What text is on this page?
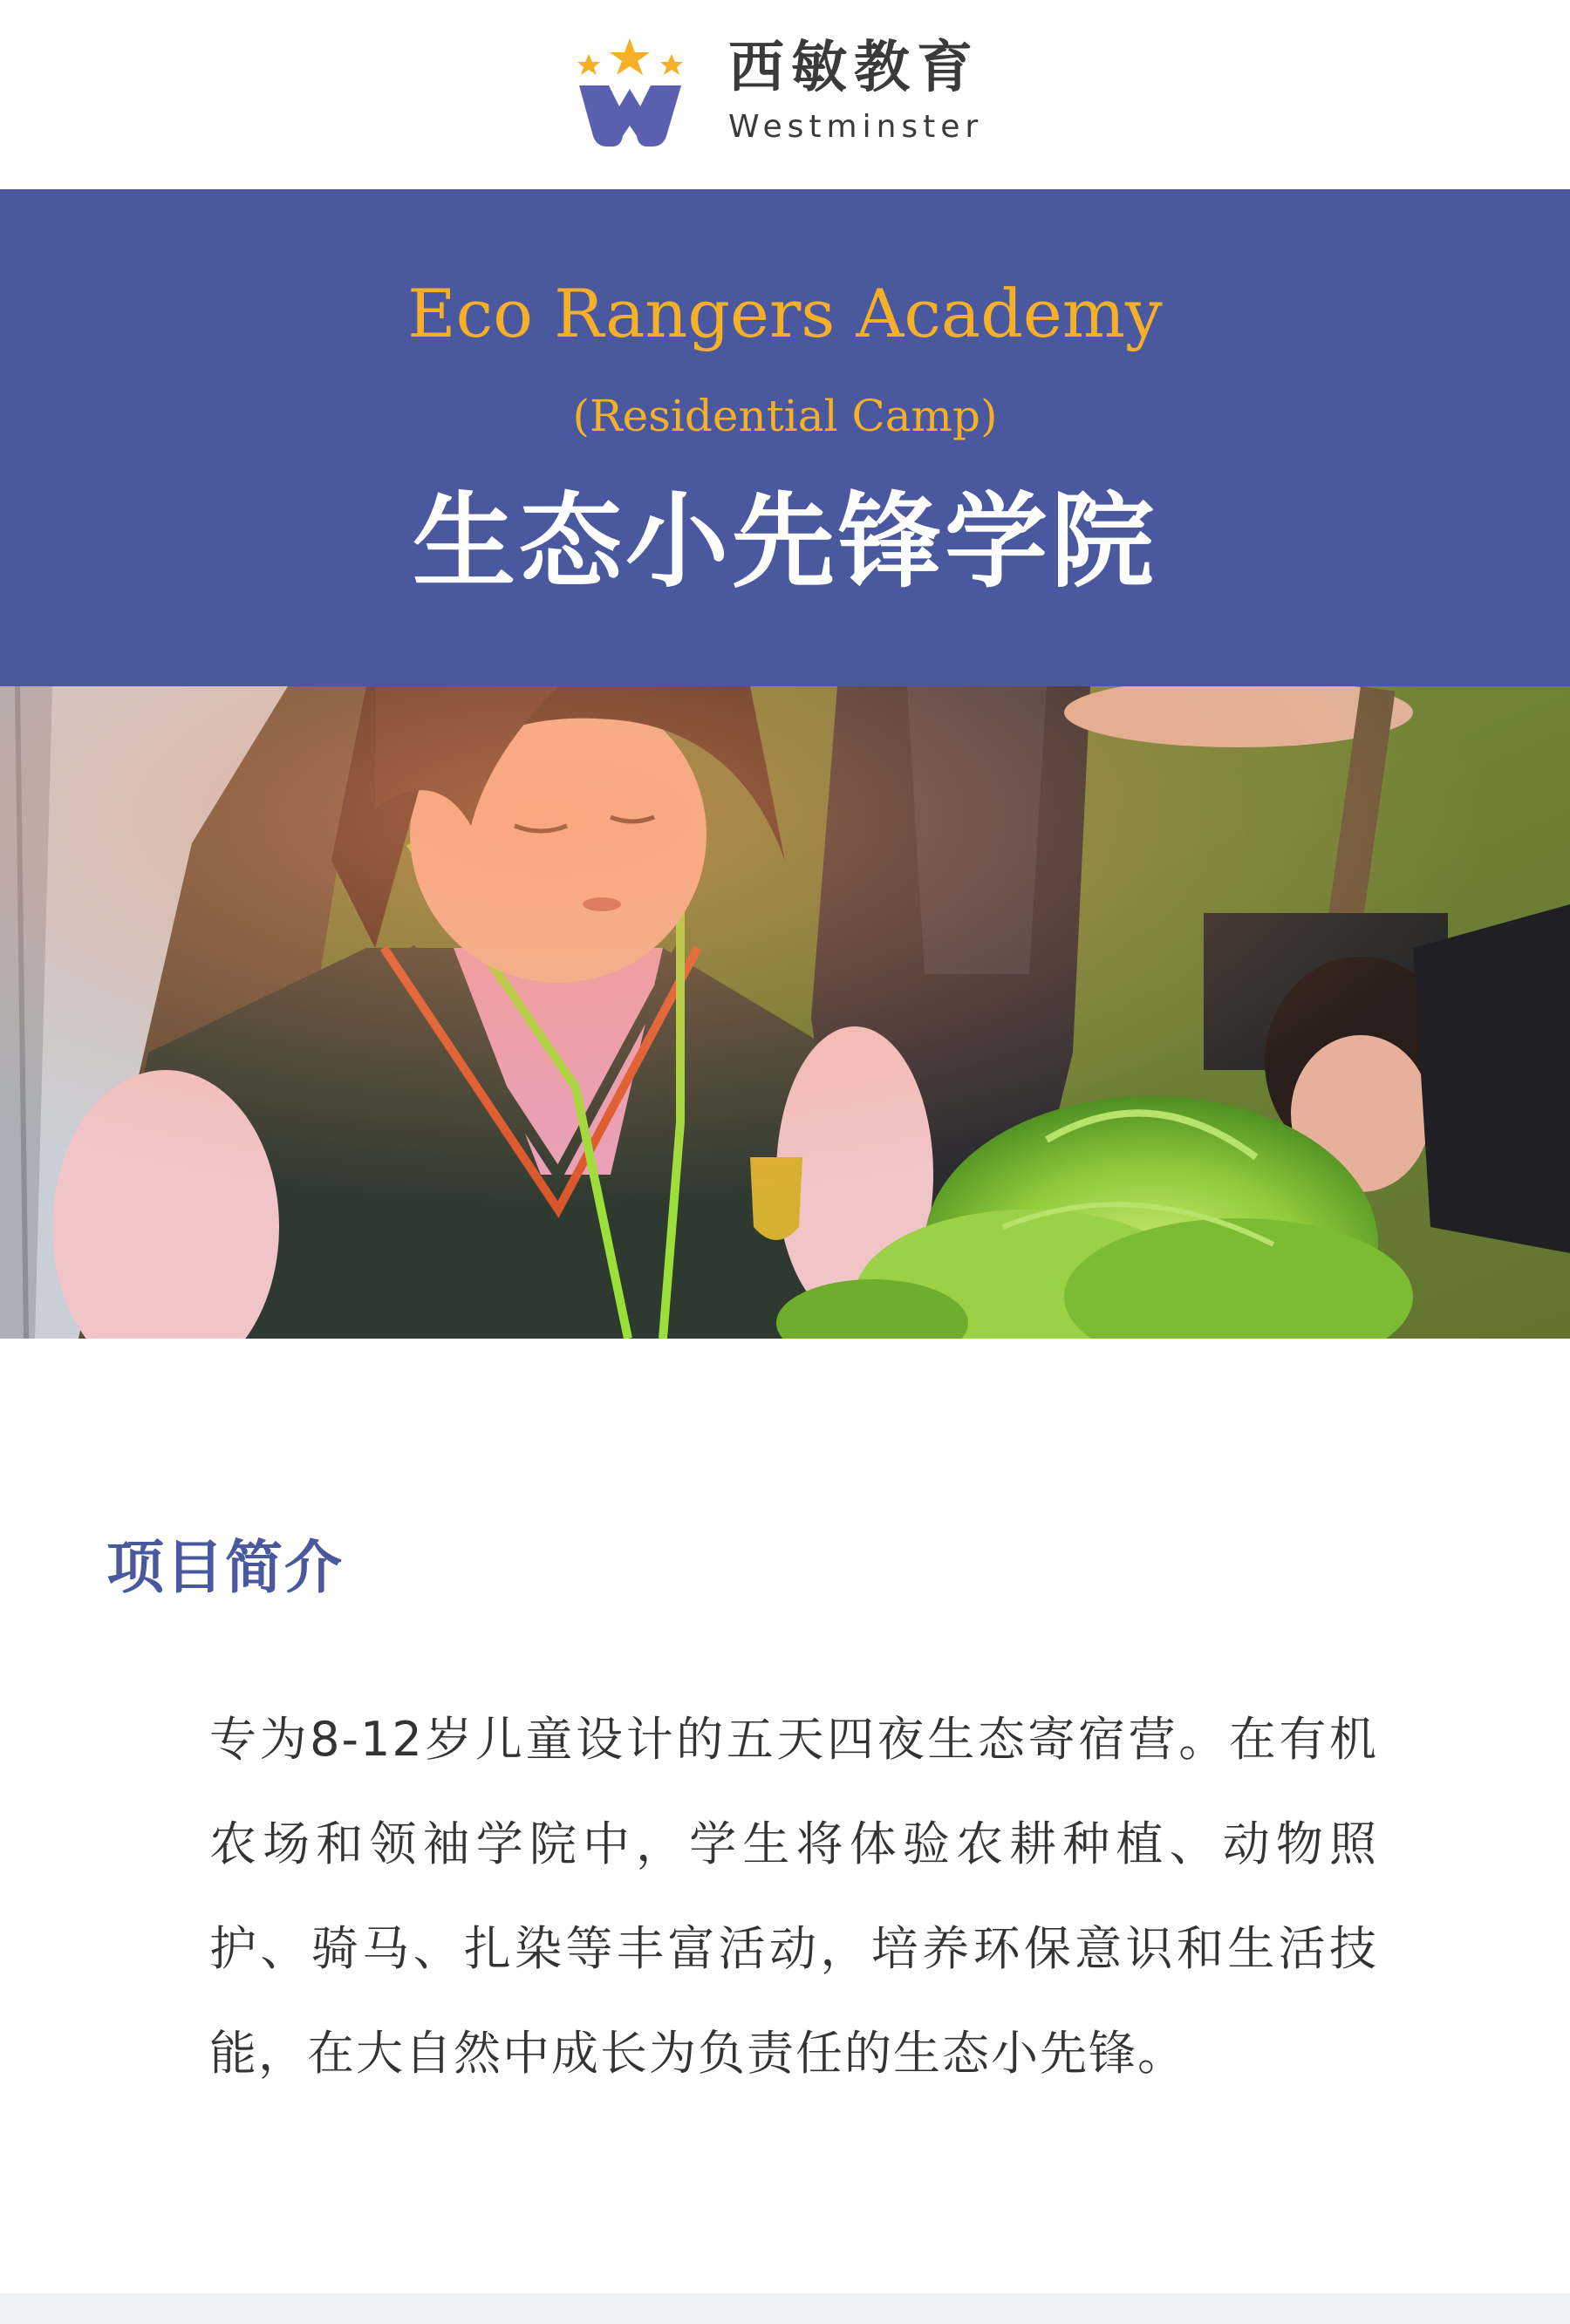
西敏教育
Westminster
Eco Rangers Academy
(Residential Camp)
生态小先锋学院
项目简介

专为8-12岁儿童设计的五天四夜生态寄宿营。在有机农场和领袖学院中，学生将体验农耕种植、动物照护、骑马、扎染等丰富活动，培养环保意识和生活技能，在大自然中成长为负责任的生态小先锋。
